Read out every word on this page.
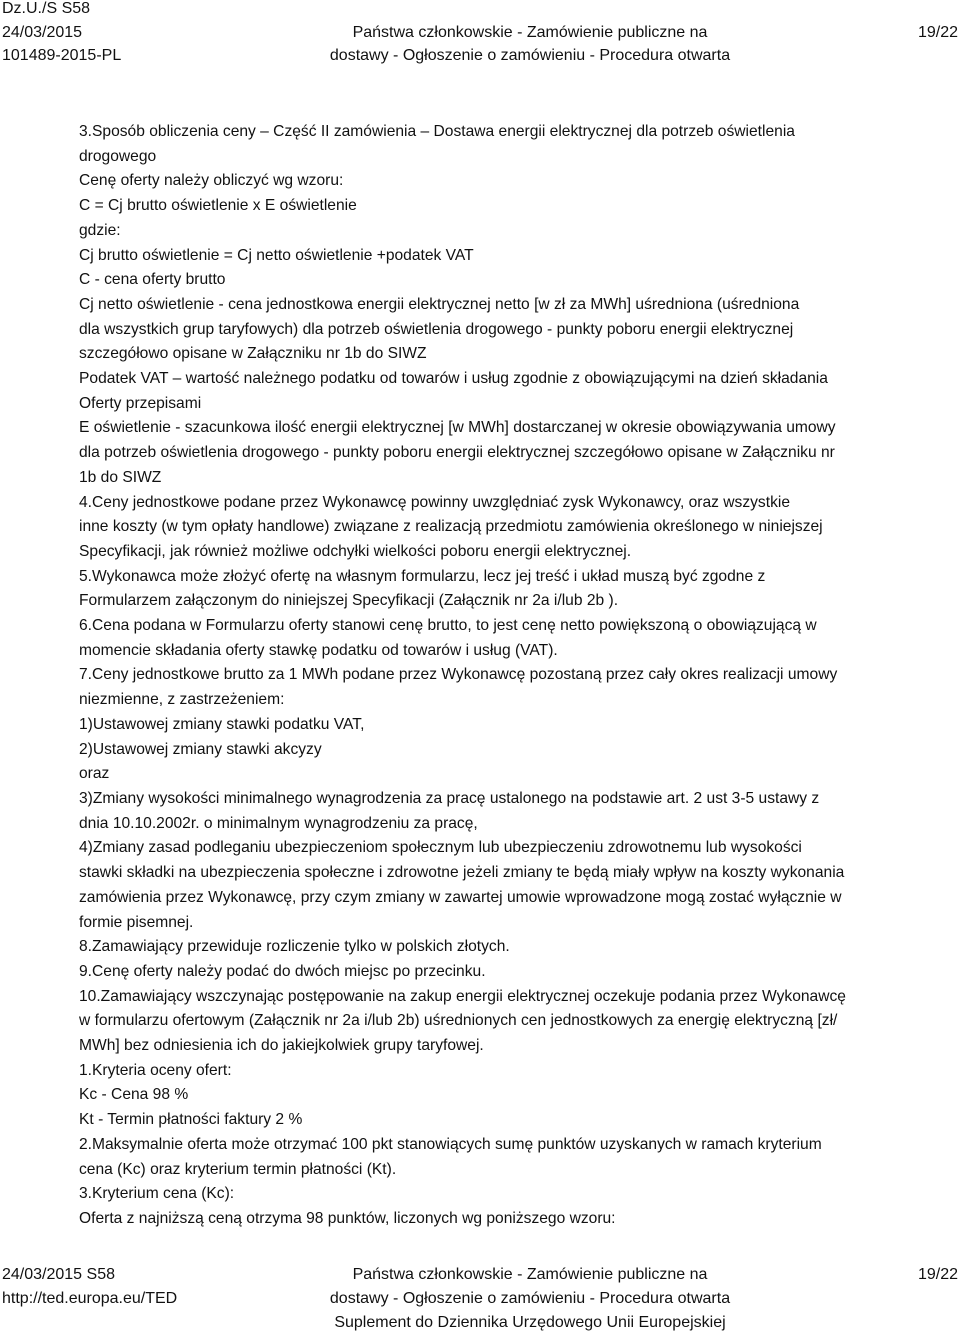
Dz.U./S S58
24/03/2015
101489-2015-PL
Państwa członkowskie - Zamówienie publiczne na
dostawy - Ogłoszenie o zamówieniu - Procedura otwarta
19/22

3.Sposób obliczenia ceny – Część II zamówienia – Dostawa energii elektrycznej dla potrzeb oświetlenia

drogowego

Cenę oferty należy obliczyć wg wzoru:

C = Cj brutto oświetlenie x E oświetlenie

gdzie:

Cj brutto oświetlenie = Cj netto oświetlenie +podatek VAT

C - cena oferty brutto

Cj netto oświetlenie - cena jednostkowa energii elektrycznej netto [w zł za MWh] uśredniona (uśredniona

dla wszystkich grup taryfowych) dla potrzeb oświetlenia drogowego - punkty poboru energii elektrycznej

szczegółowo opisane w Załączniku nr 1b do SIWZ

Podatek VAT – wartość należnego podatku od towarów i usług zgodnie z obowiązującymi na dzień składania

Oferty przepisami

E oświetlenie - szacunkowa ilość energii elektrycznej [w MWh] dostarczanej w okresie obowiązywania umowy

dla potrzeb oświetlenia drogowego - punkty poboru energii elektrycznej szczegółowo opisane w Załączniku nr

1b do SIWZ

4.Ceny jednostkowe podane przez Wykonawcę powinny uwzględniać zysk Wykonawcy, oraz wszystkie

inne koszty (w tym opłaty handlowe) związane z realizacją przedmiotu zamówienia określonego w niniejszej

Specyfikacji, jak również możliwe odchyłki wielkości poboru energii elektrycznej.

5.Wykonawca może złożyć ofertę na własnym formularzu, lecz jej treść i układ muszą być zgodne z

Formularzem załączonym do niniejszej Specyfikacji (Załącznik nr 2a i/lub 2b ).

6.Cena podana w Formularzu oferty stanowi cenę brutto, to jest cenę netto powiększoną o obowiązującą w

momencie składania oferty stawkę podatku od towarów i usług (VAT).

7.Ceny jednostkowe brutto za 1 MWh podane przez Wykonawcę pozostaną przez cały okres realizacji umowy

niezmienne, z zastrzeżeniem:

1)Ustawowej zmiany stawki podatku VAT,

2)Ustawowej zmiany stawki akcyzy

oraz

3)Zmiany wysokości minimalnego wynagrodzenia za pracę ustalonego na podstawie art. 2 ust 3-5 ustawy z

dnia 10.10.2002r. o minimalnym wynagrodzeniu za pracę,

4)Zmiany zasad podleganiu ubezpieczeniom społecznym lub ubezpieczeniu zdrowotnemu lub wysokości

stawki składki na ubezpieczenia społeczne i zdrowotne jeżeli zmiany te będą miały wpływ na koszty wykonania

zamówienia przez Wykonawcę, przy czym zmiany w zawartej umowie wprowadzone mogą zostać wyłącznie w

formie pisemnej.

8.Zamawiający przewiduje rozliczenie tylko w polskich złotych.

9.Cenę oferty należy podać do dwóch miejsc po przecinku.

10.Zamawiający wszczynając postępowanie na zakup energii elektrycznej oczekuje podania przez Wykonawcę

w formularzu ofertowym (Załącznik nr 2a i/lub 2b) uśrednionych cen jednostkowych za energię elektryczną [zł/

MWh] bez odniesienia ich do jakiejkolwiek grupy taryfowej.

1.Kryteria oceny ofert:

Kc - Cena 98 %

Kt - Termin płatności faktury 2 %

2.Maksymalnie oferta może otrzymać 100 pkt stanowiących sumę punktów uzyskanych w ramach kryterium

cena (Kc) oraz kryterium termin płatności (Kt).

3.Kryterium cena (Kc):

Oferta z najniższą ceną otrzyma 98 punktów, liczonych wg poniższego wzoru:

24/03/2015 S58
http://ted.europa.eu/TED
Państwa członkowskie - Zamówienie publiczne na
dostawy - Ogłoszenie o zamówieniu - Procedura otwarta
Suplement do Dziennika Urzędowego Unii Europejskiej
19/22
